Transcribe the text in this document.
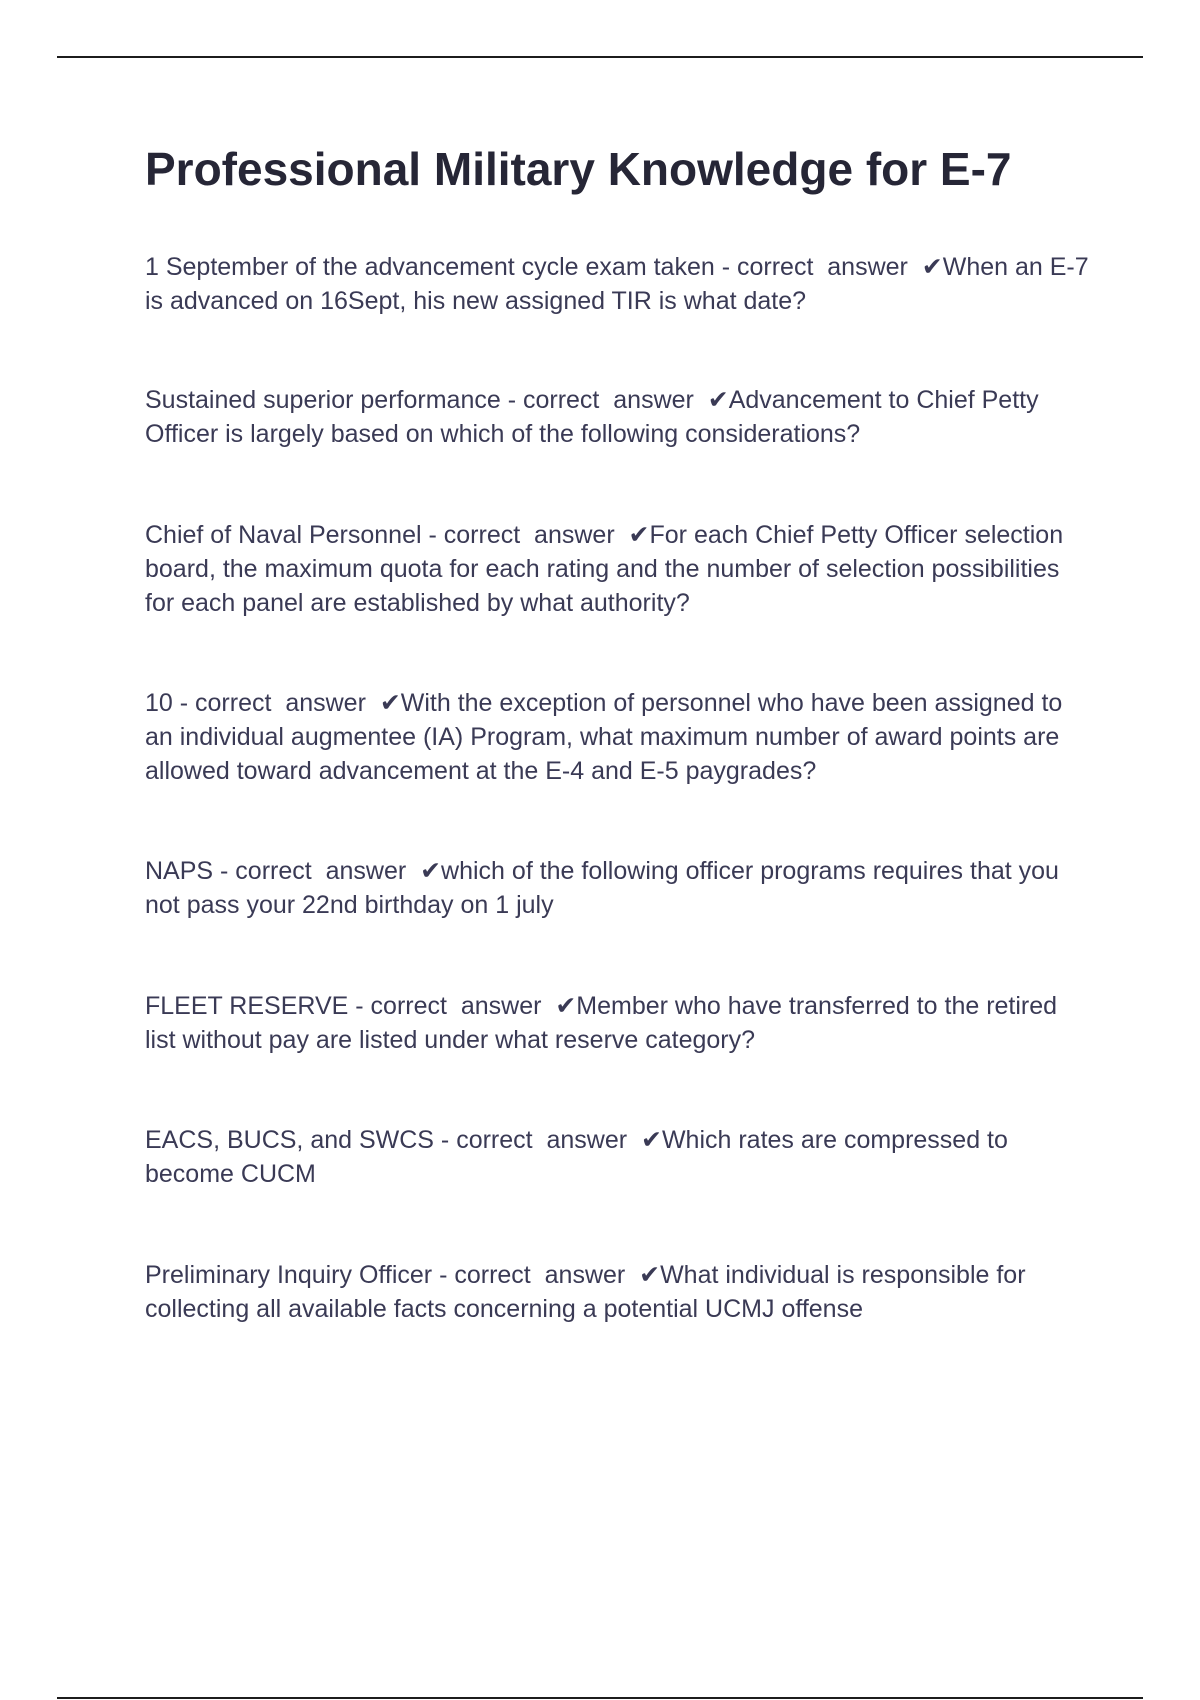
Professional Military Knowledge for E-7

1 September of the advancement cycle exam taken - correct  answer  ✔When an E-7 is advanced on 16Sept, his new assigned TIR is what date?

Sustained superior performance - correct  answer  ✔Advancement to Chief Petty Officer is largely based on which of the following considerations?

Chief of Naval Personnel - correct  answer  ✔For each Chief Petty Officer selection board, the maximum quota for each rating and the number of selection possibilities for each panel are established by what authority?

10 - correct  answer  ✔With the exception of personnel who have been assigned to an individual augmentee (IA) Program, what maximum number of award points are allowed toward advancement at the E-4 and E-5 paygrades?

NAPS - correct  answer  ✔which of the following officer programs requires that you not pass your 22nd birthday on 1 july

FLEET RESERVE - correct  answer  ✔Member who have transferred to the retired list without pay are listed under what reserve category?

EACS, BUCS, and SWCS - correct  answer  ✔Which rates are compressed to become CUCM

Preliminary Inquiry Officer - correct  answer  ✔What individual is responsible for collecting all available facts concerning a potential UCMJ offense
